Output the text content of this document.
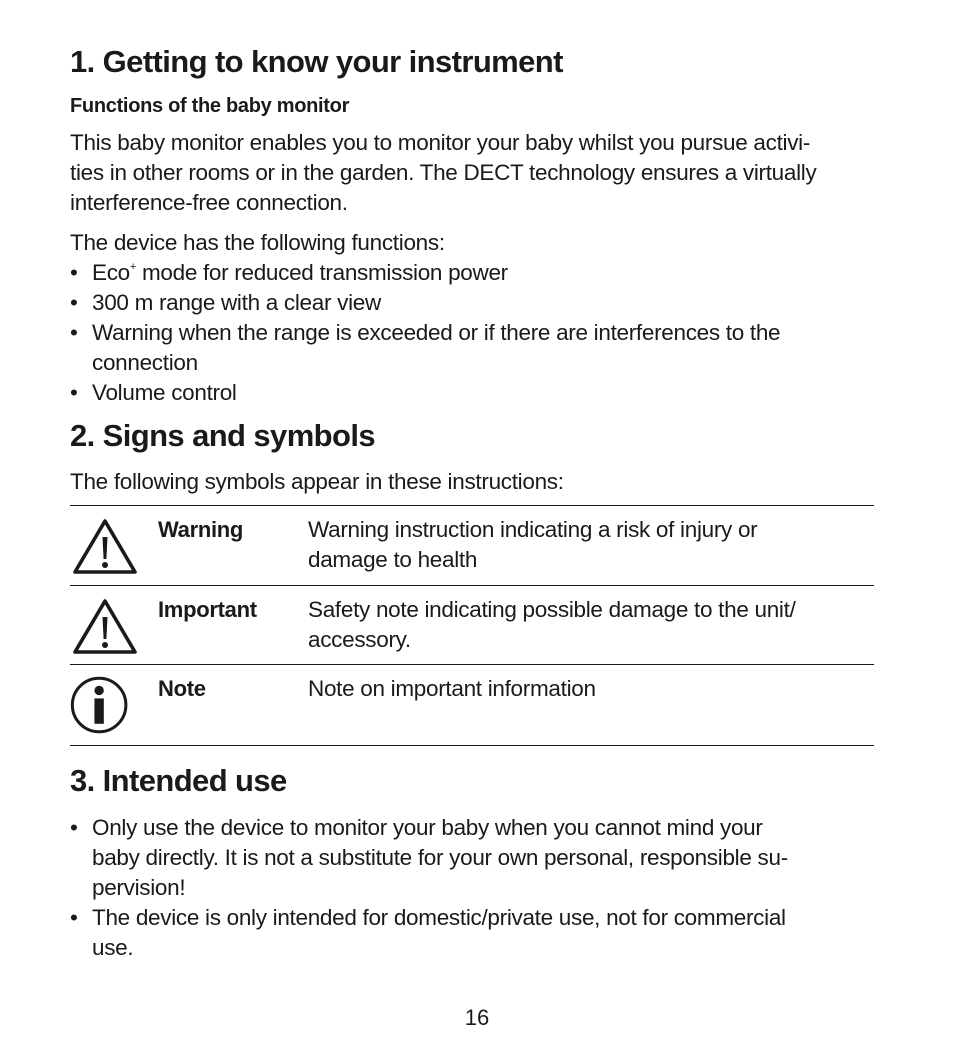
1. Getting to know your instrument
Functions of the baby monitor

This baby monitor enables you to monitor your baby whilst you pursue activi-
ties in other rooms or in the garden. The DECT technology ensures a virtually
interference-free connection.

The device has the following functions:

• Eco+ mode for reduced transmission power
• 300 m range with a clear view
• Warning when the range is exceeded or if there are interferences to the
connection
• Volume control
2. Signs and symbols

The following symbols appear in these instructions:

Warning	Warning instruction indicating a risk of injury or
damage to health
Important Safety note indicating possible damage to the unit/
accessory.
Note	Note on important information
3. Intended use
• Only use the device to monitor your baby when you cannot mind your
baby directly. It is not a substitute for your own personal, responsible su-
pervision!
• The device is only intended for domestic/private use, not for commercial
use.
16
